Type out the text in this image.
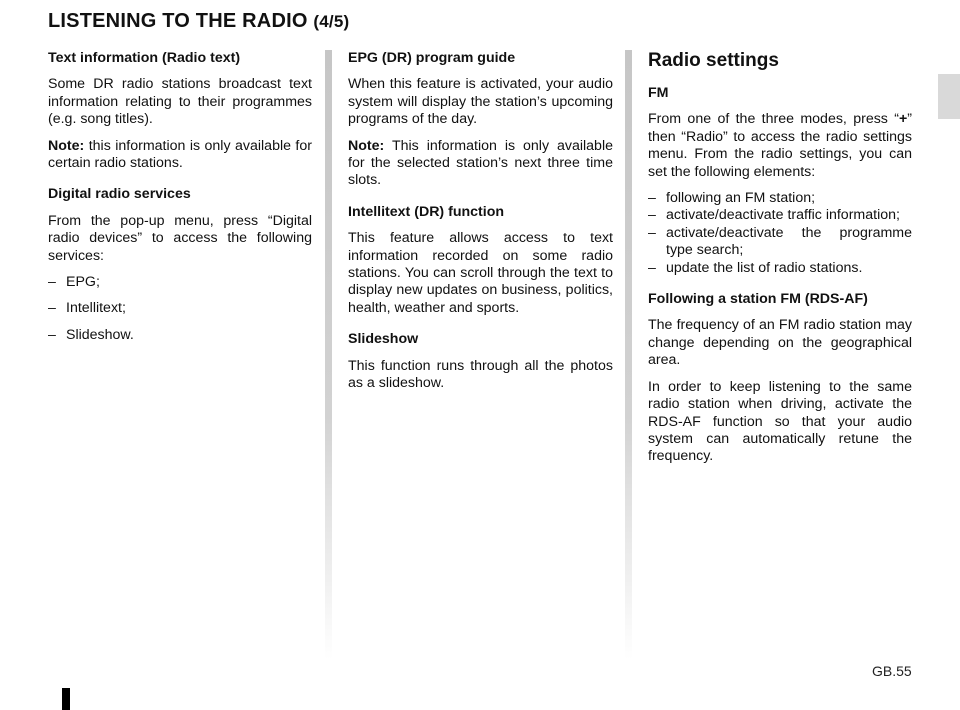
LISTENING TO THE RADIO (4/5)
Text information (Radio text)

Some DR radio stations broadcast text information relating to their programmes (e.g. song titles).

Note: this information is only available for certain radio stations.

Digital radio services

From the pop-up menu, press “Digital radio devices” to access the following services:

– EPG;
– Intellitext;
– Slideshow.
EPG (DR) program guide

When this feature is activated, your audio system will display the station’s upcoming programs of the day.

Note: This information is only available for the selected station’s next three time slots.

Intellitext (DR) function

This feature allows access to text information recorded on some radio stations. You can scroll through the text to display new updates on business, politics, health, weather and sports.

Slideshow

This function runs through all the photos as a slideshow.

Radio settings
FM

From one of the three modes, press “+” then “Radio” to access the radio settings menu. From the radio settings, you can set the following elements:

– following an FM station;
– activate/deactivate traffic information;
– activate/deactivate the programme type search;
– update the list of radio stations.
Following a station FM (RDS-AF)

The frequency of an FM radio station may change depending on the geographical area.

In order to keep listening to the same radio station when driving, activate the RDS-AF function so that your audio system can automatically retune the frequency.

GB.55
